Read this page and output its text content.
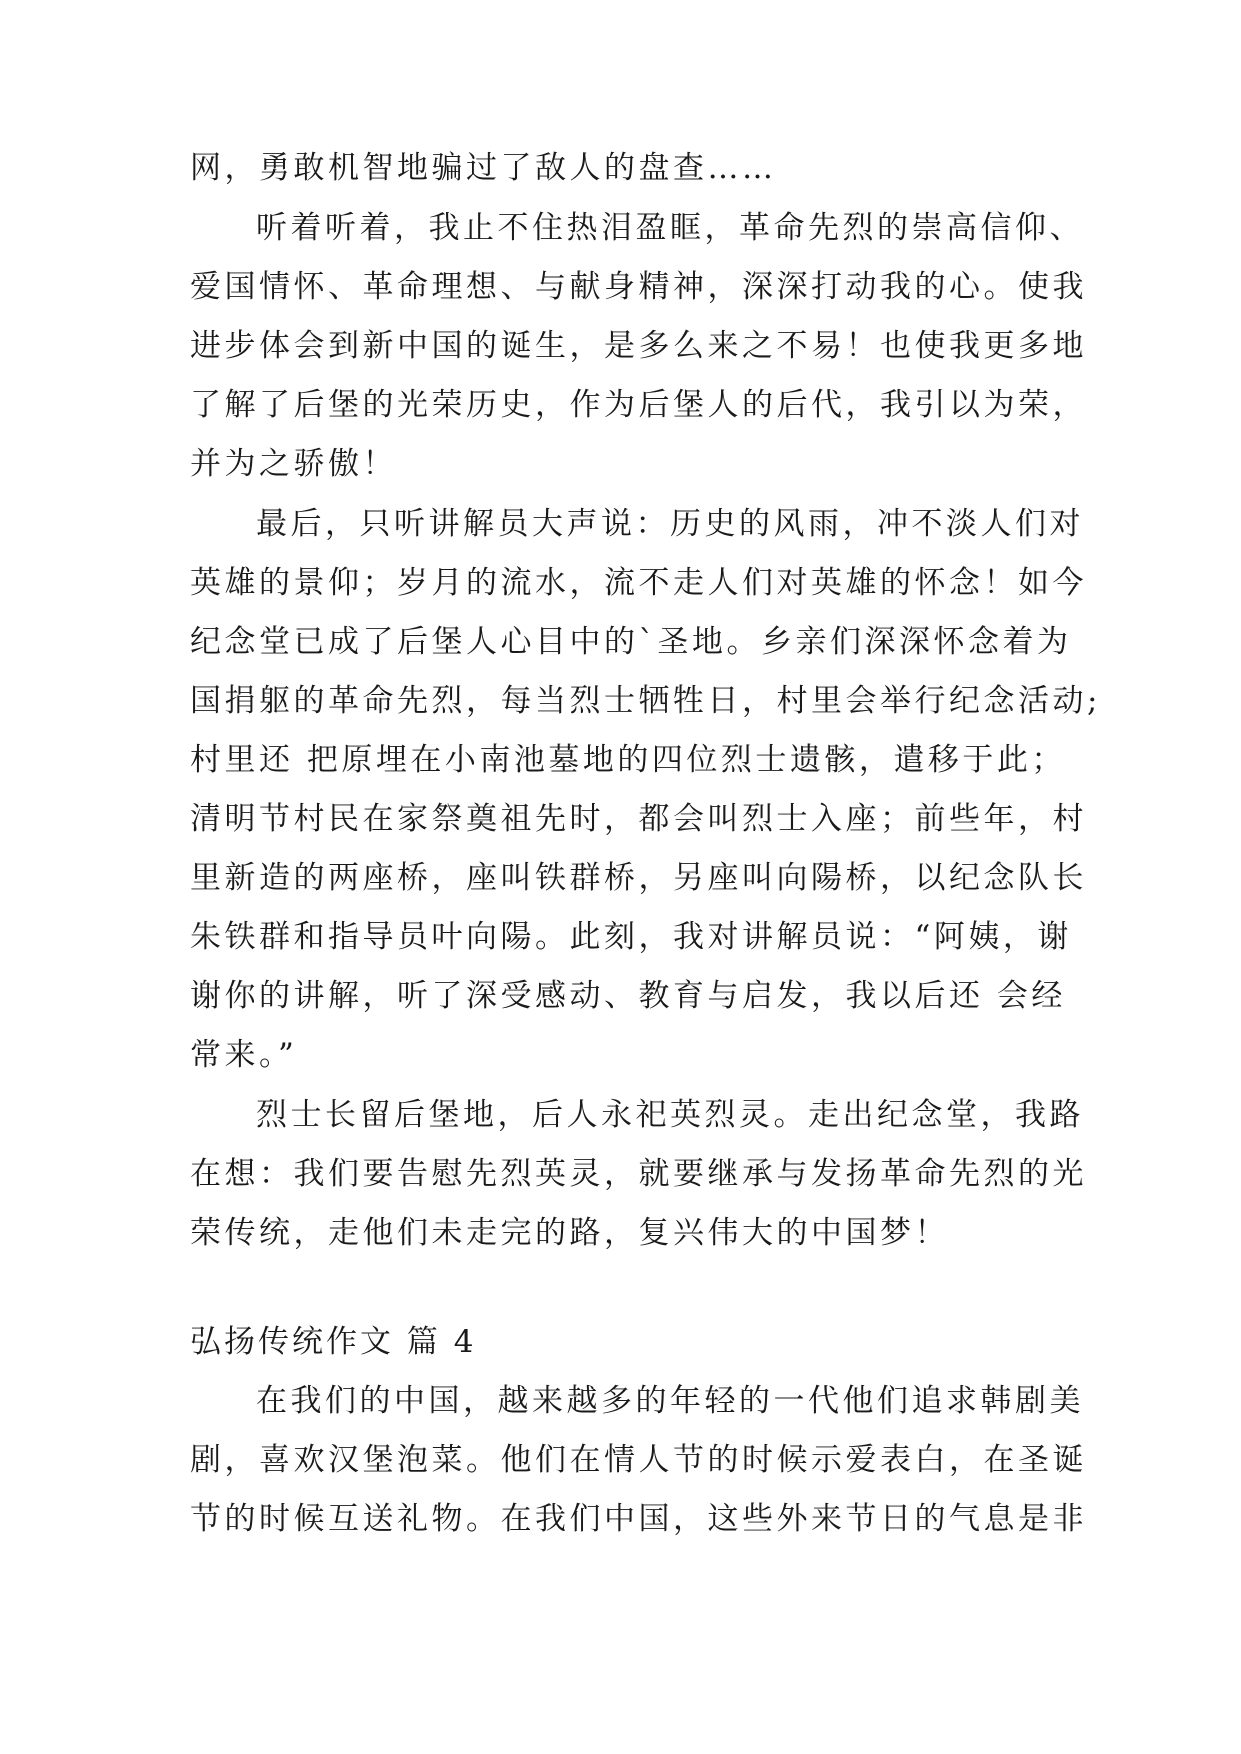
网，勇敢机智地骗过了敌人的盘查……
听着听着，我止不住热泪盈眶，革命先烈的崇高信仰、
爱国情怀、革命理想、与献身精神，深深打动我的心。使我
进步体会到新中国的诞生，是多么来之不易！也使我更多地
了解了后堡的光荣历史，作为后堡人的后代，我引以为荣，
并为之骄傲！
最后，只听讲解员大声说：历史的风雨，冲不淡人们对
英雄的景仰；岁月的流水，流不走人们对英雄的怀念！如今
纪念堂已成了后堡人心目中的`圣地。乡亲们深深怀念着为
国捐躯的革命先烈，每当烈士牺牲日，村里会举行纪念活动;
村里还 把原埋在小南池墓地的四位烈士遗骸，遣移于此；
清明节村民在家祭奠祖先时，都会叫烈士入座；前些年，村
里新造的两座桥，座叫铁群桥，另座叫向陽桥，以纪念队长
朱铁群和指导员叶向陽。此刻，我对讲解员说：“阿姨，谢
谢你的讲解，听了深受感动、教育与启发，我以后还 会经
常来。”
烈士长留后堡地，后人永祀英烈灵。走出纪念堂，我路
在想：我们要告慰先烈英灵，就要继承与发扬革命先烈的光
荣传统，走他们未走完的路，复兴伟大的中国梦！
弘扬传统作文 篇 4
在我们的中国，越来越多的年轻的一代他们追求韩剧美
剧，喜欢汉堡泡菜。他们在情人节的时候示爱表白，在圣诞
节的时候互送礼物。在我们中国，这些外来节日的气息是非
